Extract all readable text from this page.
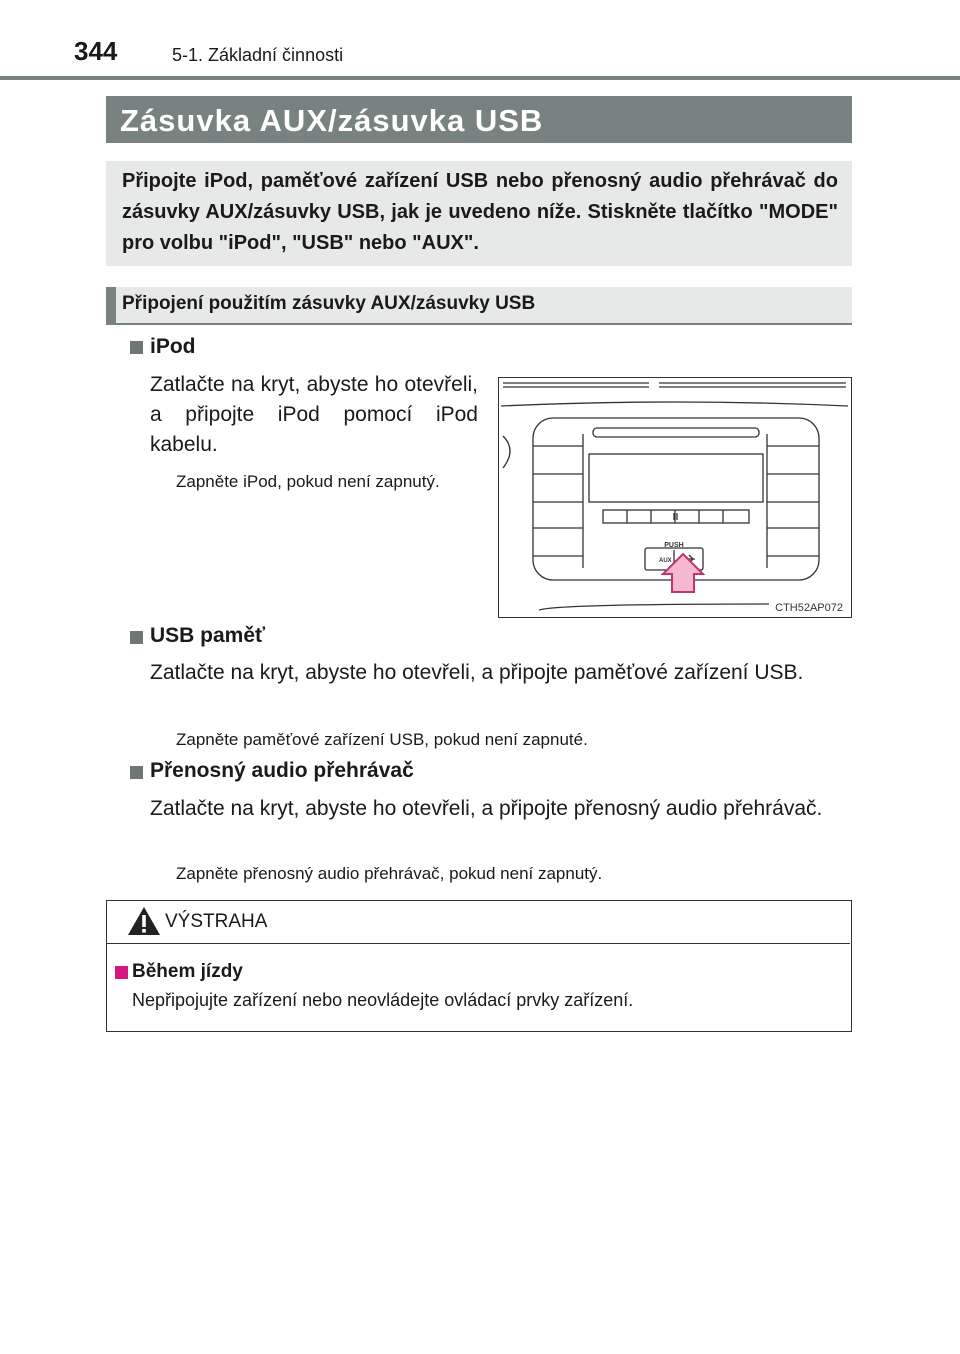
344	5-1. Základní činnosti
Zásuvka AUX/zásuvka USB
Připojte iPod, paměťové zařízení USB nebo přenosný audio přehrávač do zásuvky AUX/zásuvky USB, jak je uvedeno níže. Stiskněte tlačítko "MODE" pro volbu "iPod", "USB" nebo "AUX".
Připojení použitím zásuvky AUX/zásuvky USB
iPod
Zatlačte na kryt, abyste ho otevřeli, a připojte iPod pomocí iPod kabelu.
Zapněte iPod, pokud není zapnutý.
PUSH
AUX
CTH52AP072
USB paměť
Zatlačte na kryt, abyste ho otevřeli, a připojte paměťové zařízení USB.
Zapněte paměťové zařízení USB, pokud není zapnuté.
Přenosný audio přehrávač
Zatlačte na kryt, abyste ho otevřeli, a připojte přenosný audio přehrávač.
Zapněte přenosný audio přehrávač, pokud není zapnutý.
VÝSTRAHA
Během jízdy
Nepřipojujte zařízení nebo neovládejte ovládací prvky zařízení.
